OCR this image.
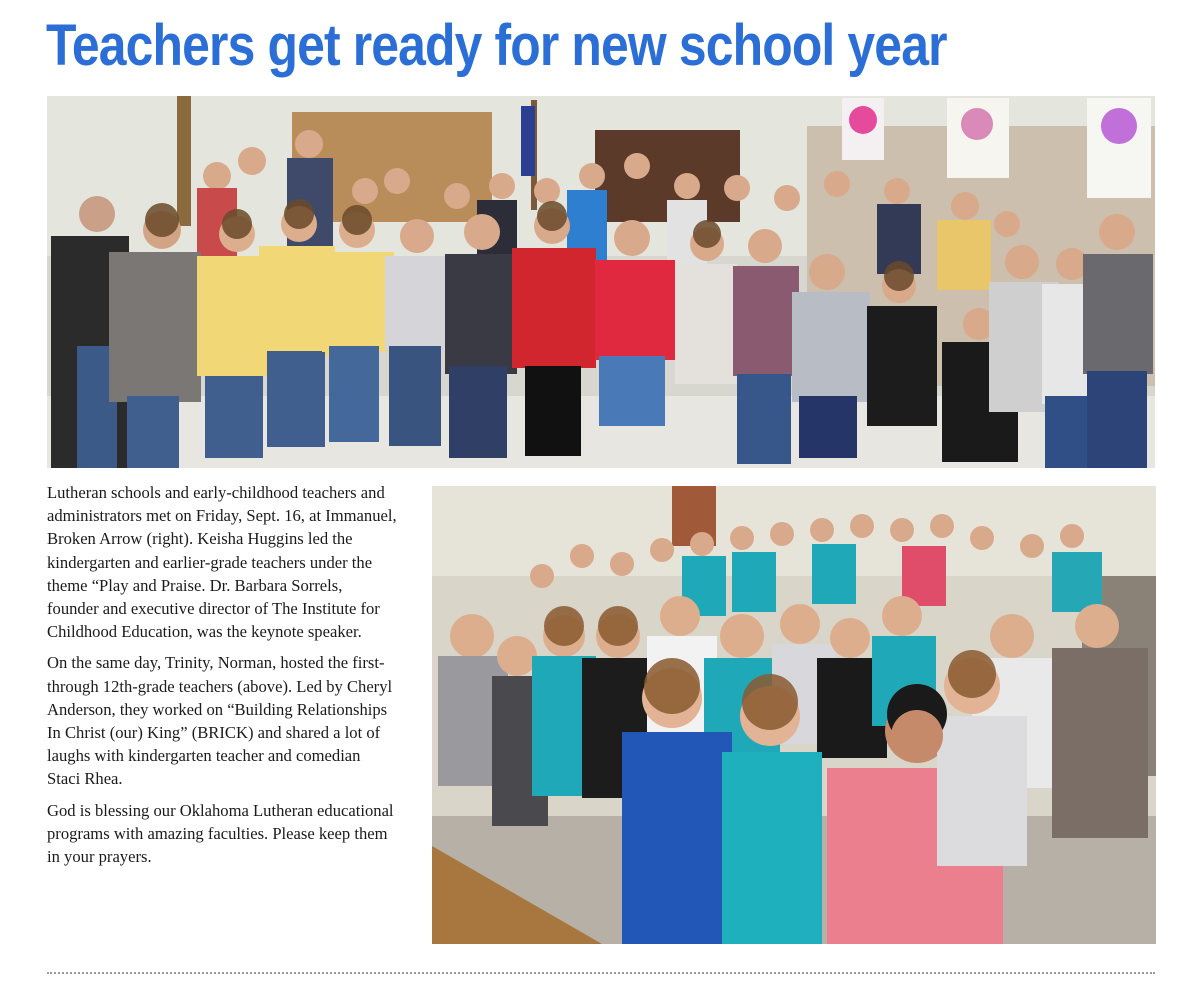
Teachers get ready for new school year

Lutheran schools and early-childhood teachers and administrators met on Friday, Sept. 16, at Immanuel, Broken Arrow (right). Keisha Huggins led the kindergarten and earlier-grade teachers under the theme “Play and Praise. Dr. Barbara Sorrels, founder and executive director of The Institute for Childhood Education, was the keynote speaker.

On the same day, Trinity, Norman, hosted the first- through 12th-grade teachers (above). Led by Cheryl Anderson, they worked on “Building Relationships In Christ (our) King” (BRICK) and shared a lot of laughs with kindergarten teacher and comedian Staci Rhea.

God is blessing our Oklahoma Lutheran educational programs with amazing faculties. Please keep them in your prayers.
